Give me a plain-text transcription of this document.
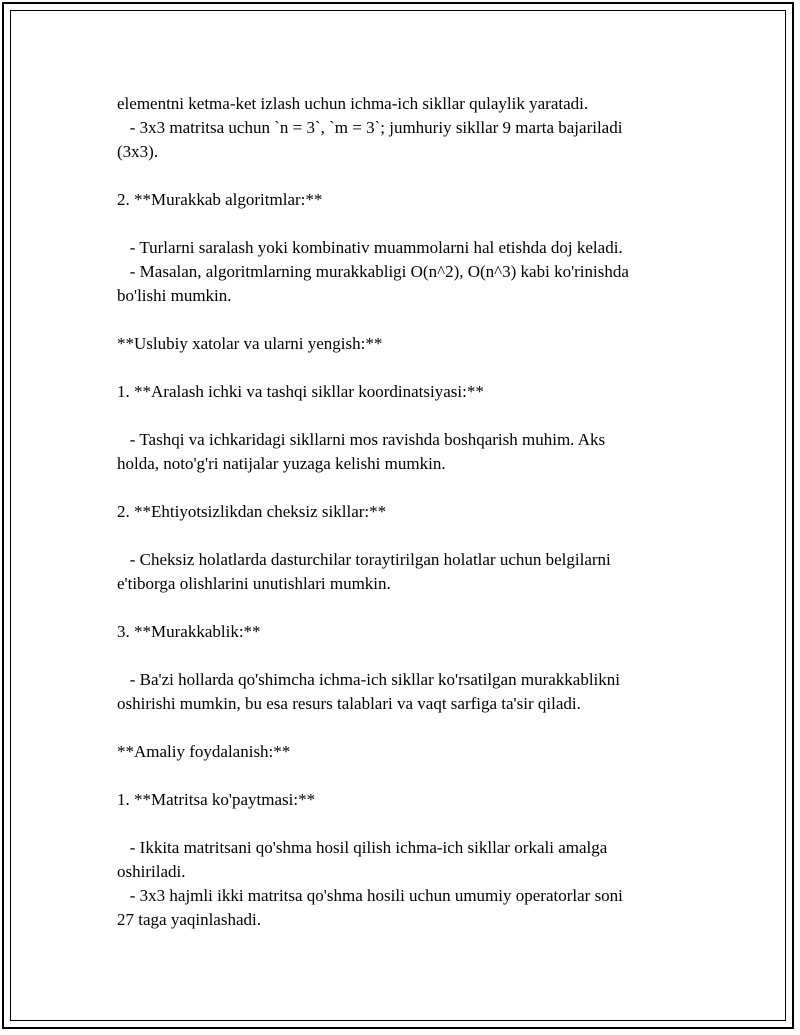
elementni ketma-ket izlash uchun ichma-ich sikllar qulaylik yaratadi.
- 3x3 matritsa uchun `n = 3`, `m = 3`; jumhuriy sikllar 9 marta bajariladi
(3x3).
2. **Murakkab algoritmlar:**
- Turlarni saralash yoki kombinativ muammolarni hal etishda doj keladi.
- Masalan, algoritmlarning murakkabligi O(n^2), O(n^3) kabi ko'rinishda
bo'lishi mumkin.
**Uslubiy xatolar va ularni yengish:**
1. **Aralash ichki va tashqi sikllar koordinatsiyasi:**
- Tashqi va ichkaridagi sikllarni mos ravishda boshqarish muhim. Aks
holda, noto'g'ri natijalar yuzaga kelishi mumkin.
2. **Ehtiyotsizlikdan cheksiz sikllar:**
- Cheksiz holatlarda dasturchilar toraytirilgan holatlar uchun belgilarni
e'tiborga olishlarini unutishlari mumkin.
3. **Murakkablik:**
- Ba'zi hollarda qo'shimcha ichma-ich sikllar ko'rsatilgan murakkablikni
oshirishi mumkin, bu esa resurs talablari va vaqt sarfiga ta'sir qiladi.
**Amaliy foydalanish:**
1. **Matritsa ko'paytmasi:**
- Ikkita matritsani qo'shma hosil qilish ichma-ich sikllar orkali amalga
oshiriladi.
- 3x3 hajmli ikki matritsa qo'shma hosili uchun umumiy operatorlar soni
27 taga yaqinlashadi.
